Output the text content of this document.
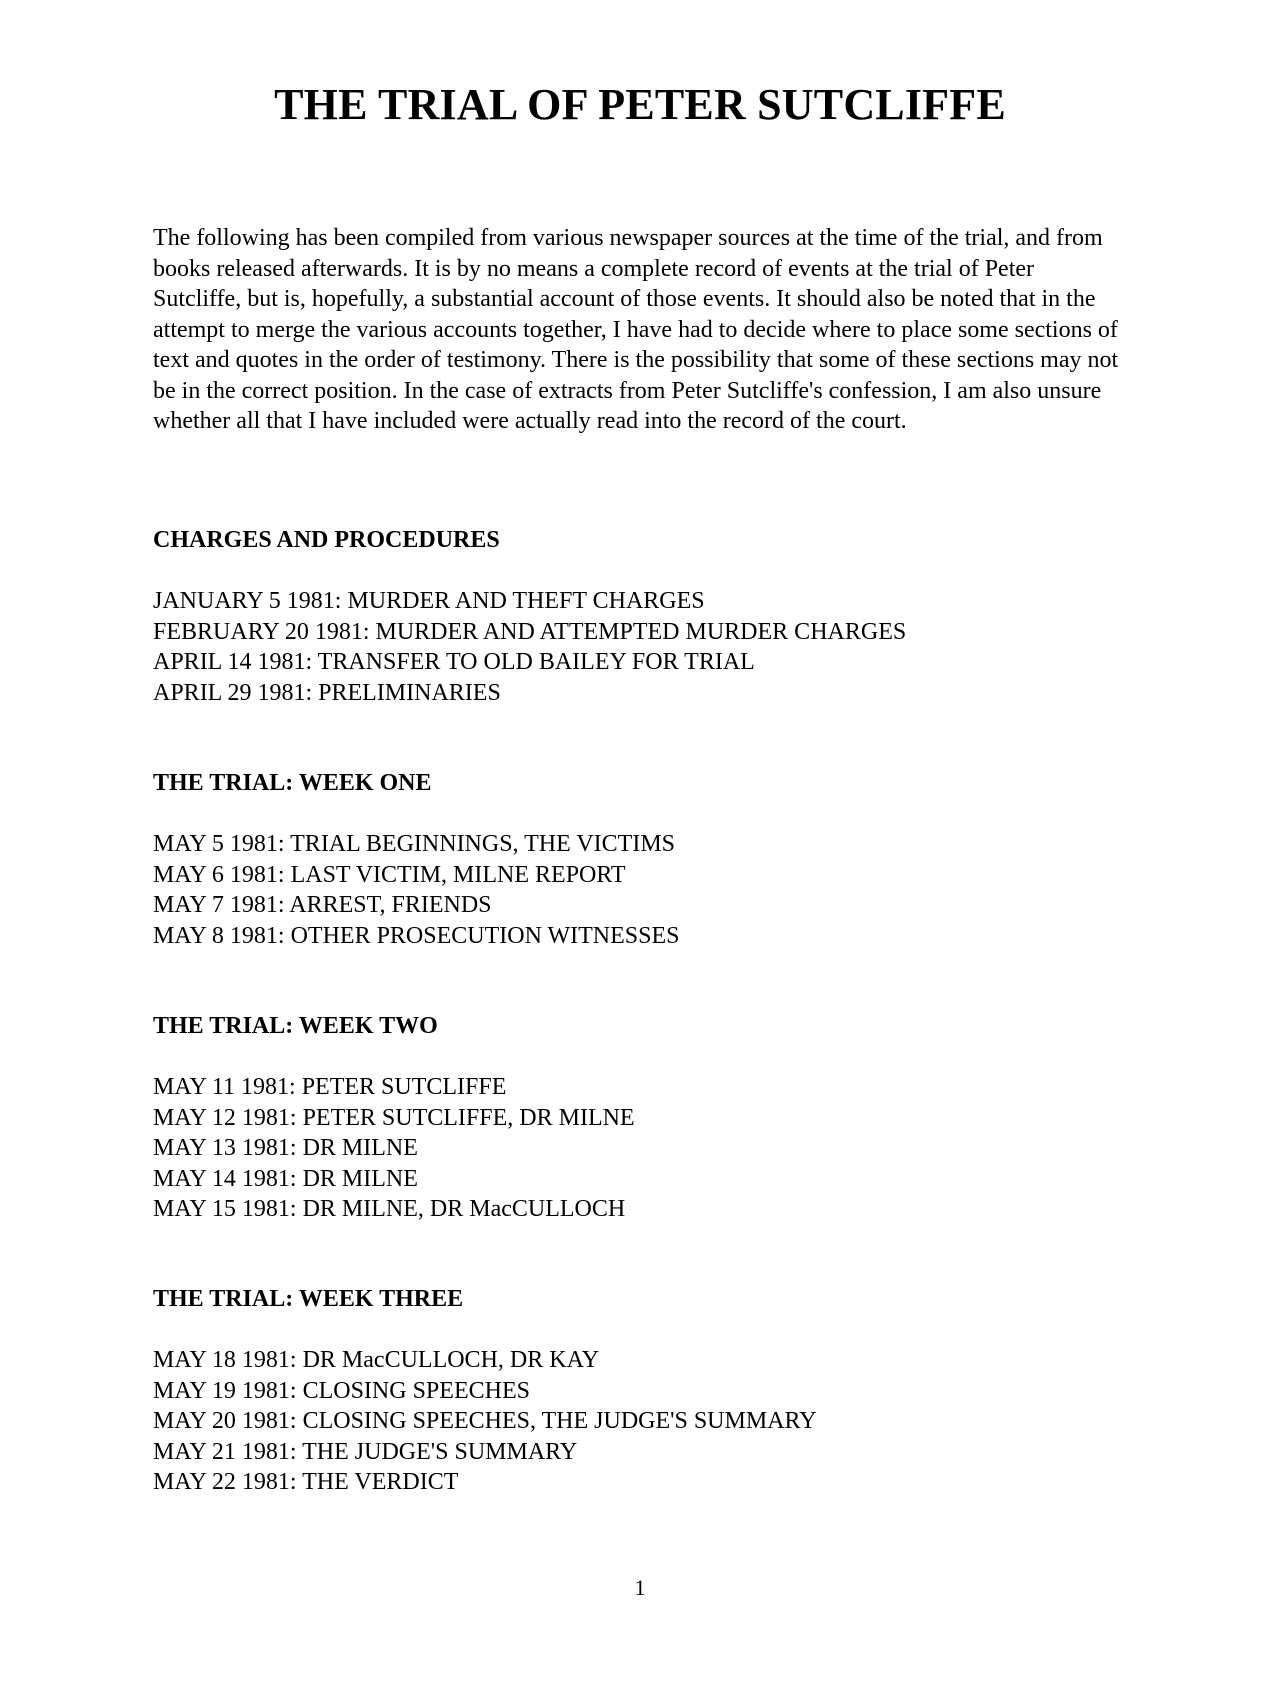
THE TRIAL OF PETER SUTCLIFFE

The following has been compiled from various newspaper sources at the time of the trial, and from
books released afterwards. It is by no means a complete record of events at the trial of Peter
Sutcliffe, but is, hopefully, a substantial account of those events. It should also be noted that in the
attempt to merge the various accounts together, I have had to decide where to place some sections of
text and quotes in the order of testimony. There is the possibility that some of these sections may not
be in the correct position. In the case of extracts from Peter Sutcliffe's confession, I am also unsure
whether all that I have included were actually read into the record of the court.

CHARGES AND PROCEDURES
JANUARY 5 1981: MURDER AND THEFT CHARGES
FEBRUARY 20 1981: MURDER AND ATTEMPTED MURDER CHARGES
APRIL 14 1981: TRANSFER TO OLD BAILEY FOR TRIAL
APRIL 29 1981: PRELIMINARIES
THE TRIAL: WEEK ONE
MAY 5 1981: TRIAL BEGINNINGS, THE VICTIMS
MAY 6 1981: LAST VICTIM, MILNE REPORT
MAY 7 1981: ARREST, FRIENDS
MAY 8 1981: OTHER PROSECUTION WITNESSES
THE TRIAL: WEEK TWO
MAY 11 1981: PETER SUTCLIFFE
MAY 12 1981: PETER SUTCLIFFE, DR MILNE
MAY 13 1981: DR MILNE
MAY 14 1981: DR MILNE
MAY 15 1981: DR MILNE, DR MacCULLOCH
THE TRIAL: WEEK THREE
MAY 18 1981: DR MacCULLOCH, DR KAY
MAY 19 1981: CLOSING SPEECHES
MAY 20 1981: CLOSING SPEECHES, THE JUDGE'S SUMMARY
MAY 21 1981: THE JUDGE'S SUMMARY
MAY 22 1981: THE VERDICT
1
